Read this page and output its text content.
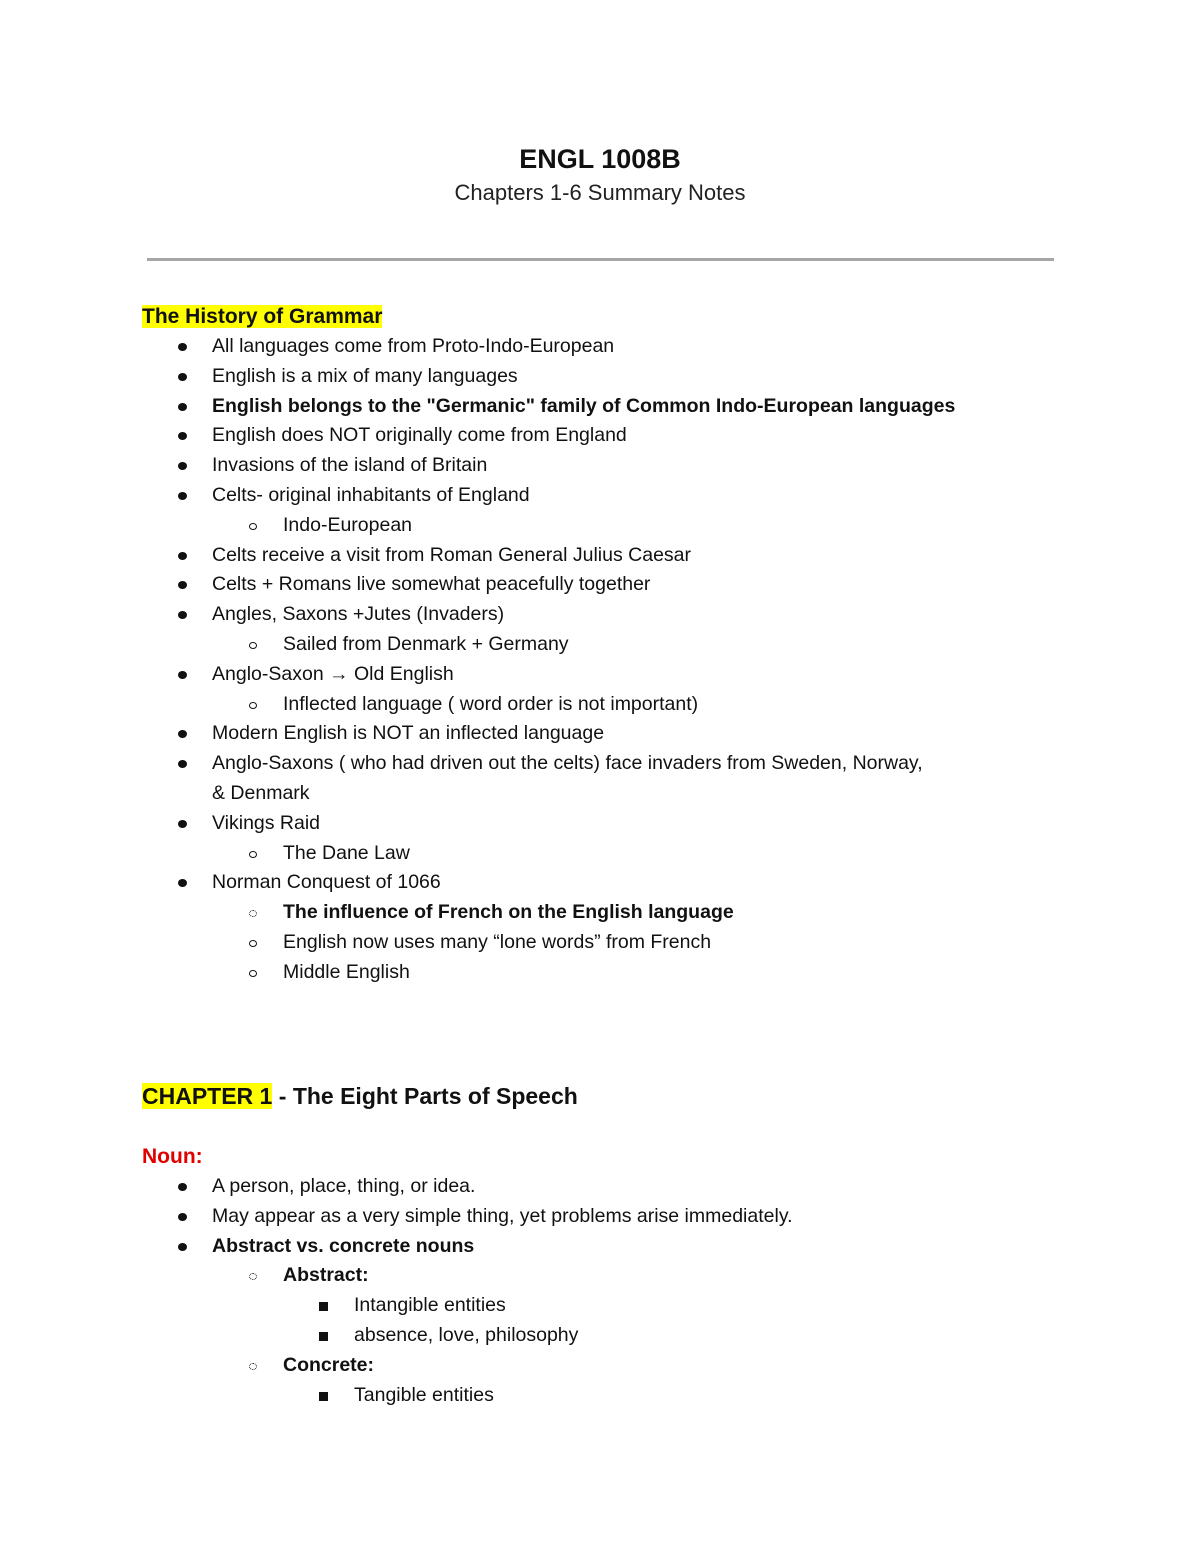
ENGL 1008B
Chapters 1-6 Summary Notes
The History of Grammar
All languages come from Proto-Indo-European
English is a mix of many languages
English belongs to the "Germanic" family of Common Indo-European languages
English does NOT originally come from England
Invasions of the island of Britain
Celts- original inhabitants of England
Indo-European
Celts receive a visit from Roman General Julius Caesar
Celts + Romans live somewhat peacefully together
Angles, Saxons +Jutes (Invaders)
Sailed from Denmark + Germany
Anglo-Saxon → Old English
Inflected language ( word order is not important)
Modern English is NOT an inflected language
Anglo-Saxons ( who had driven out the celts) face invaders from Sweden, Norway, & Denmark
Vikings Raid
The Dane Law
Norman Conquest of 1066
The influence of French on the English language
English now uses many “lone words” from French
Middle English
CHAPTER 1 - The Eight Parts of Speech
Noun:
A person, place, thing, or idea.
May appear as a very simple thing, yet problems arise immediately.
Abstract vs. concrete nouns
Abstract:
Intangible entities
absence, love, philosophy
Concrete:
Tangible entities
